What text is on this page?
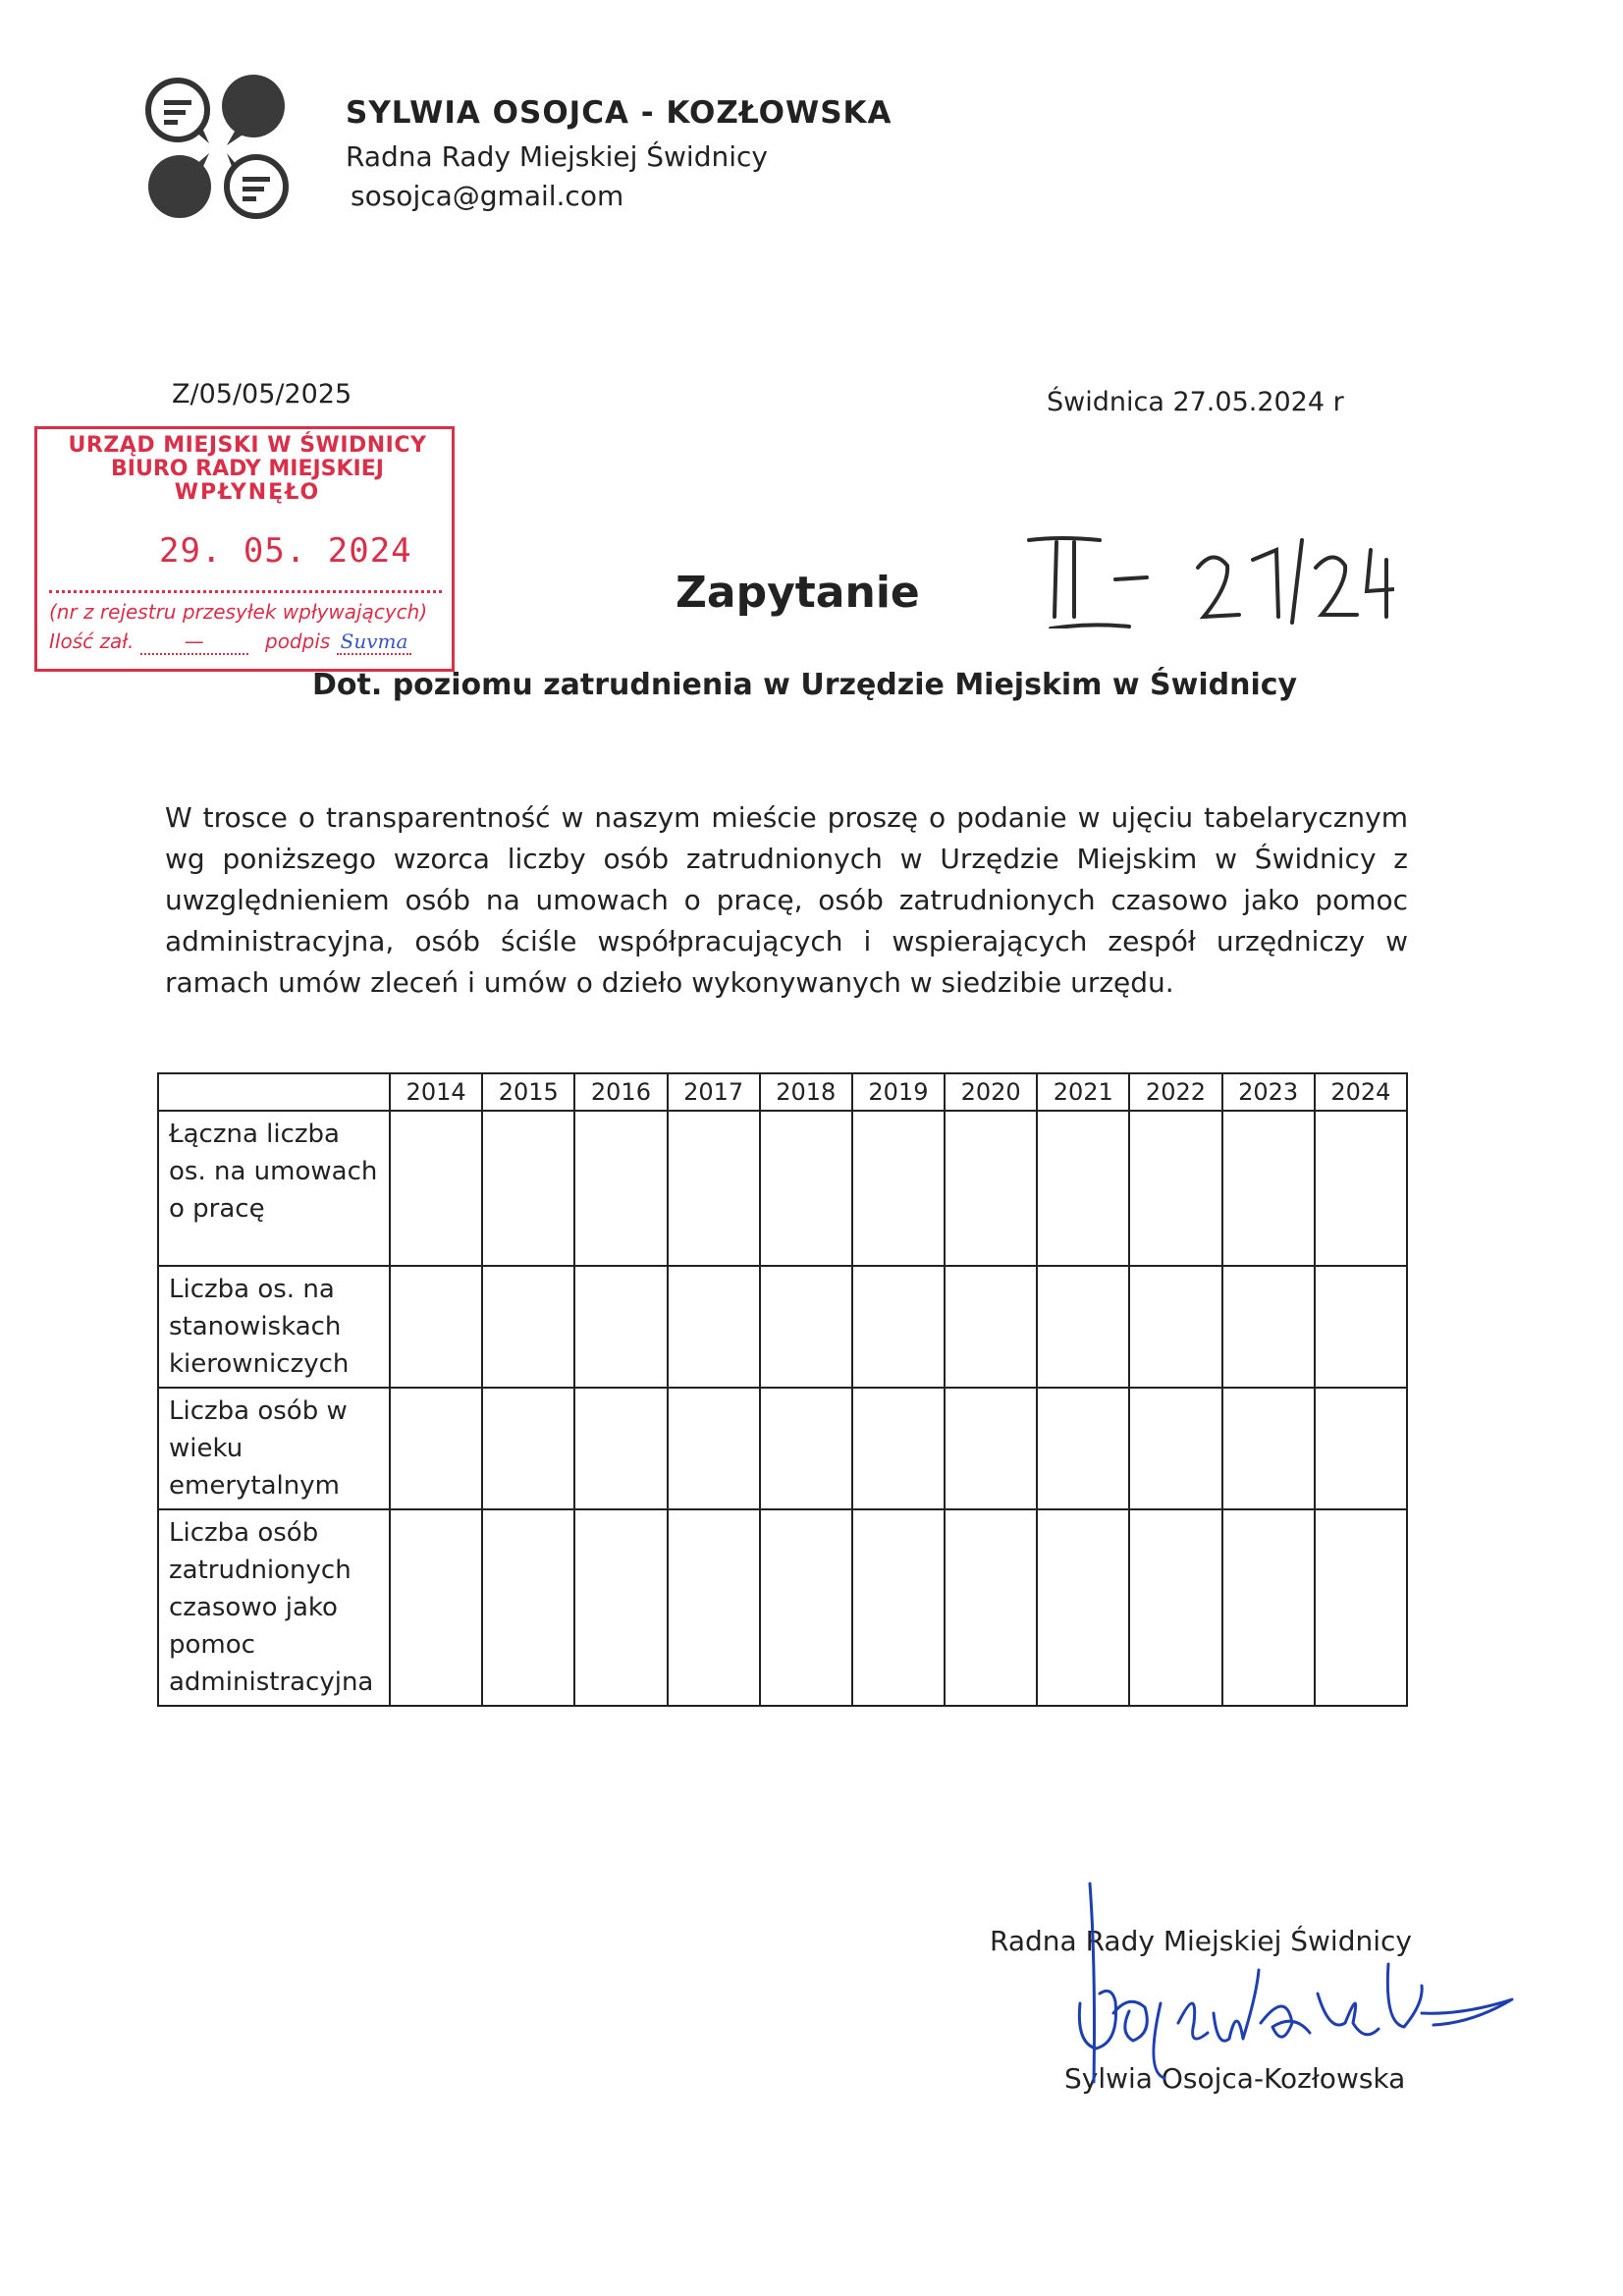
SYLWIA OSOJCA - KOZŁOWSKA
Radna Rady Miejskiej Świdnicy
sosojca@gmail.com
Z/05/05/2025	Świdnica 27.05.2024 r
URZĄD MIEJSKI W ŚWIDNICY
BIURO RADY MIEJSKIEJ
WPŁYNĘŁO
29. 05. 2024
(nr z rejestru przesyłek wpływających)
Ilość zał.	—	podpis Suvma
Zapytanie
Dot. poziomu zatrudnienia w Urzędzie Miejskim w Świdnicy
W trosce o transparentność w naszym mieście proszę o podanie w ujęciu tabelarycznym wg poniższego wzorca liczby osób zatrudnionych w Urzędzie Miejskim w Świdnicy z uwzględnieniem osób na umowach o pracę, osób zatrudnionych czasowo jako pomoc administracyjna, osób ściśle współpracujących i wspierających zespół urzędniczy w ramach umów zleceń i umów o dzieło wykonywanych w siedzibie urzędu.
	2014	2015	2016	2017	2018	2019	2020	2021	2022	2023	2024
Łączna liczba os. na umowach o pracę											
Liczba os. na stanowiskach kierowniczych											
Liczba osób w wieku emerytalnym											
Liczba osób zatrudnionych czasowo jako pomoc administracyjna											
Radna Rady Miejskiej Świdnicy
Sylwia Osojca-Kozłowska
